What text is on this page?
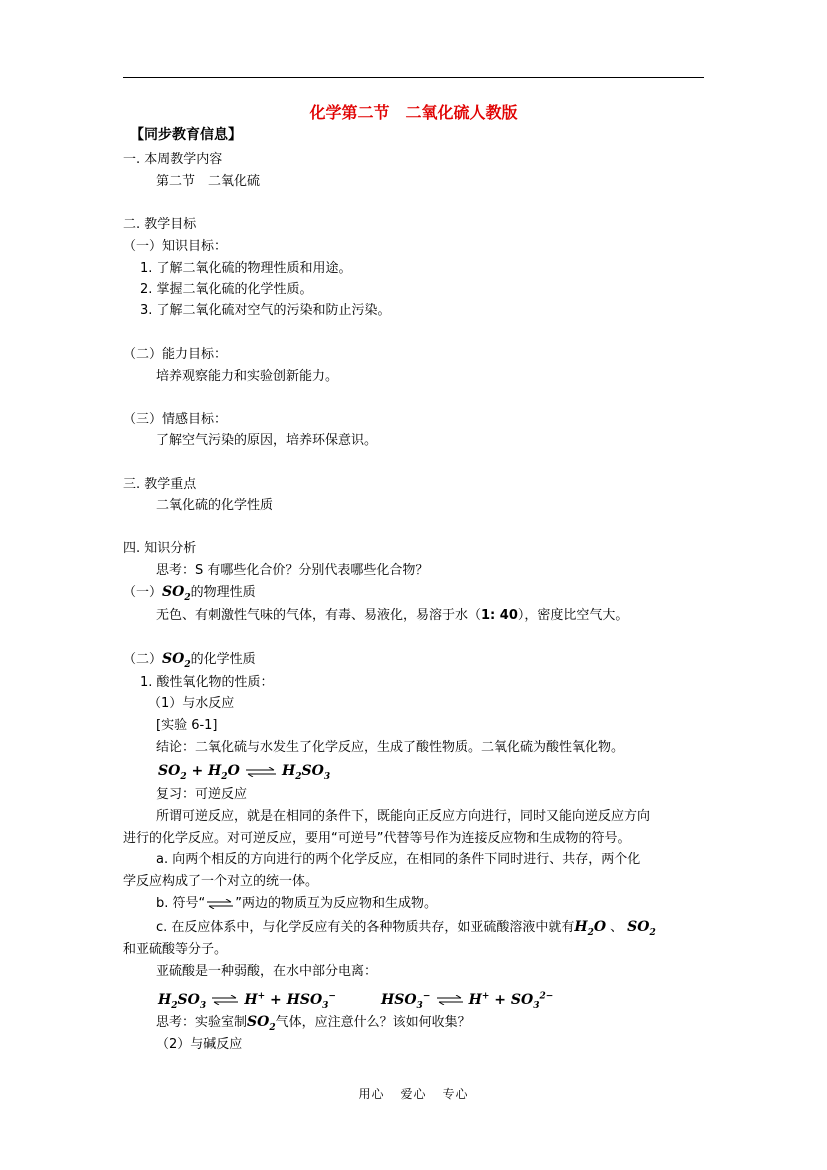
化学第二节　二氧化硫人教版
【同步教育信息】
一. 本周教学内容
第二节　二氧化硫
二. 教学目标
（一）知识目标：
1. 了解二氧化硫的物理性质和用途。
2. 掌握二氧化硫的化学性质。
3. 了解二氧化硫对空气的污染和防止污染。
（二）能力目标：
培养观察能力和实验创新能力。
（三）情感目标：
了解空气污染的原因，培养环保意识。
三. 教学重点
二氧化硫的化学性质
四. 知识分析
思考：S 有哪些化合价？分别代表哪些化合物？
（一）$SO_2$的物理性质
无色、有刺激性气味的气体，有毒、易液化，易溶于水（1: 40），密度比空气大。
（二）$SO_2$的化学性质
1. 酸性氧化物的性质：
（1）与水反应
[实验 6-1]
结论：二氧化硫与水发生了化学反应，生成了酸性物质。二氧化硫为酸性氧化物。
$SO_2 + H_2O$ ⇌ $H_2SO_3$
复习：可逆反应
所谓可逆反应，就是在相同的条件下，既能向正反应方向进行，同时又能向逆反应方向
进行的化学反应。对可逆反应，要用“可逆号”代替等号作为连接反应物和生成物的符号。
a. 向两个相反的方向进行的两个化学反应，在相同的条件下同时进行、共存，两个化
学反应构成了一个对立的统一体。
b. 符号“ ⇌ ”两边的物质互为反应物和生成物。
c. 在反应体系中，与化学反应有关的各种物质共存，如亚硫酸溶液中就有$H_2O$ 、 $SO_2$
和亚硫酸等分子。
亚硫酸是一种弱酸，在水中部分电离：
$H_2SO_3$ ⇌ $H^+ + HSO_3^-$	$HSO_3^-$ ⇌ $H^+ + SO_3^{2-}$
思考：实验室制$SO_2$气体，应注意什么？该如何收集？
（2）与碱反应
用心 爱心 专心
